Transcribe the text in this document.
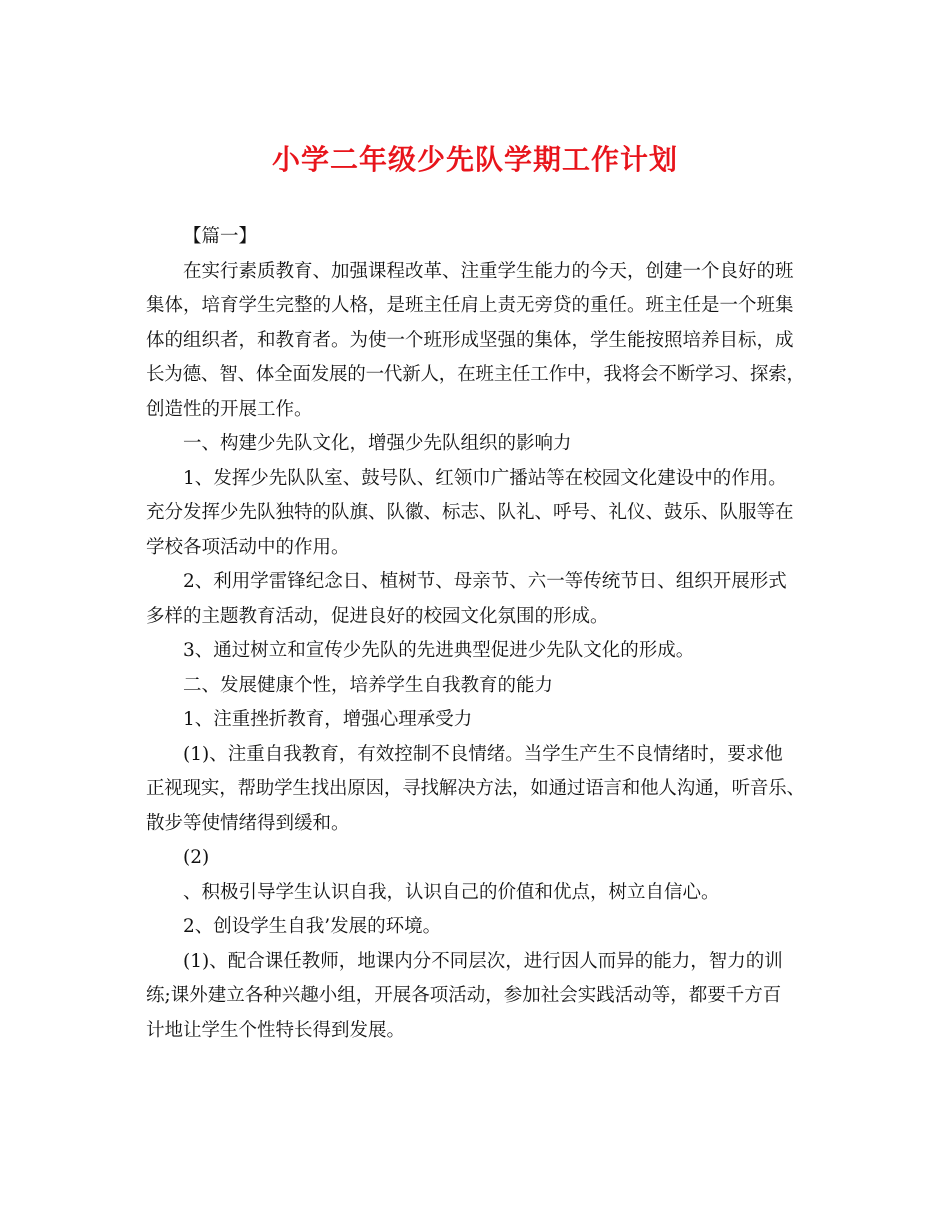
小学二年级少先队学期工作计划
【篇一】
在实行素质教育、加强课程改革、注重学生能力的今天，创建一个良好的班
集体，培育学生完整的人格，是班主任肩上责无旁贷的重任。班主任是一个班集
体的组织者，和教育者。为使一个班形成坚强的集体，学生能按照培养目标，成
长为德、智、体全面发展的一代新人，在班主任工作中，我将会不断学习、探索，
创造性的开展工作。
一、构建少先队文化，增强少先队组织的影响力
1、发挥少先队队室、鼓号队、红领巾广播站等在校园文化建设中的作用。
充分发挥少先队独特的队旗、队徽、标志、队礼、呼号、礼仪、鼓乐、队服等在
学校各项活动中的作用。
2、利用学雷锋纪念日、植树节、母亲节、六一等传统节日、组织开展形式
多样的主题教育活动，促进良好的校园文化氛围的形成。
3、通过树立和宣传少先队的先进典型促进少先队文化的形成。
二、发展健康个性，培养学生自我教育的能力
1、注重挫折教育，增强心理承受力
(1)、注重自我教育，有效控制不良情绪。当学生产生不良情绪时，要求他
正视现实，帮助学生找出原因，寻找解决方法，如通过语言和他人沟通，听音乐、
散步等使情绪得到缓和。
(2)
、积极引导学生认识自我，认识自己的价值和优点，树立自信心。
2、创设学生自我’发展的环境。
(1)、配合课任教师，地课内分不同层次，进行因人而异的能力，智力的训
练;课外建立各种兴趣小组，开展各项活动，参加社会实践活动等，都要千方百
计地让学生个性特长得到发展。
